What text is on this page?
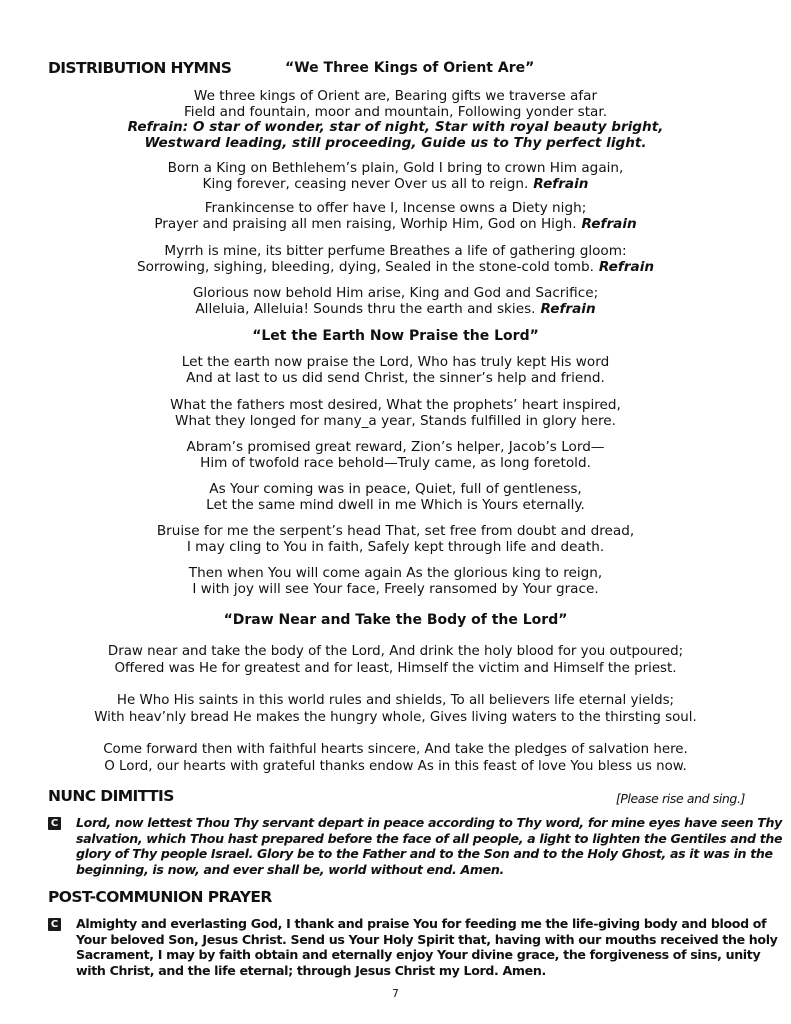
DISTRIBUTION HYMNS	“We Three Kings of Orient Are”
We three kings of Orient are, Bearing gifts we traverse afar
Field and fountain, moor and mountain, Following yonder star.
Refrain: O star of wonder, star of night, Star with royal beauty bright,
Westward leading, still proceeding, Guide us to Thy perfect light.
Born a King on Bethlehem’s plain, Gold I bring to crown Him again,
King forever, ceasing never Over us all to reign. Refrain
Frankincense to offer have I, Incense owns a Diety nigh;
Prayer and praising all men raising, Worhip Him, God on High. Refrain
Myrrh is mine, its bitter perfume Breathes a life of gathering gloom:
Sorrowing, sighing, bleeding, dying, Sealed in the stone-cold tomb. Refrain
Glorious now behold Him arise, King and God and Sacrifice;
Alleluia, Alleluia! Sounds thru the earth and skies. Refrain
“Let the Earth Now Praise the Lord”
Let the earth now praise the Lord, Who has truly kept His word
And at last to us did send Christ, the sinner’s help and friend.
What the fathers most desired, What the prophets’ heart inspired,
What they longed for many_a year, Stands fulfilled in glory here.
Abram’s promised great reward, Zion’s helper, Jacob’s Lord—
Him of twofold race behold—Truly came, as long foretold.
As Your coming was in peace, Quiet, full of gentleness,
Let the same mind dwell in me Which is Yours eternally.
Bruise for me the serpent’s head That, set free from doubt and dread,
I may cling to You in faith, Safely kept through life and death.
Then when You will come again As the glorious king to reign,
I with joy will see Your face, Freely ransomed by Your grace.
“Draw Near and Take the Body of the Lord”
Draw near and take the body of the Lord, And drink the holy blood for you outpoured;
Offered was He for greatest and for least, Himself the victim and Himself the priest.
He Who His saints in this world rules and shields, To all believers life eternal yields;
With heav’nly bread He makes the hungry whole, Gives living waters to the thirsting soul.
Come forward then with faithful hearts sincere, And take the pledges of salvation here.
O Lord, our hearts with grateful thanks endow As in this feast of love You bless us now.
NUNC DIMITTIS	[Please rise and sing.]
C Lord, now lettest Thou Thy servant depart in peace according to Thy word, for mine eyes have seen Thy
salvation, which Thou hast prepared before the face of all people, a light to lighten the Gentiles and the
glory of Thy people Israel. Glory be to the Father and to the Son and to the Holy Ghost, as it was in the
beginning, is now, and ever shall be, world without end. Amen.
POST-COMMUNION PRAYER
C Almighty and everlasting God, I thank and praise You for feeding me the life-giving body and blood of
Your beloved Son, Jesus Christ. Send us Your Holy Spirit that, having with our mouths received the holy
Sacrament, I may by faith obtain and eternally enjoy Your divine grace, the forgiveness of sins, unity
with Christ, and the life eternal; through Jesus Christ my Lord. Amen.
7
